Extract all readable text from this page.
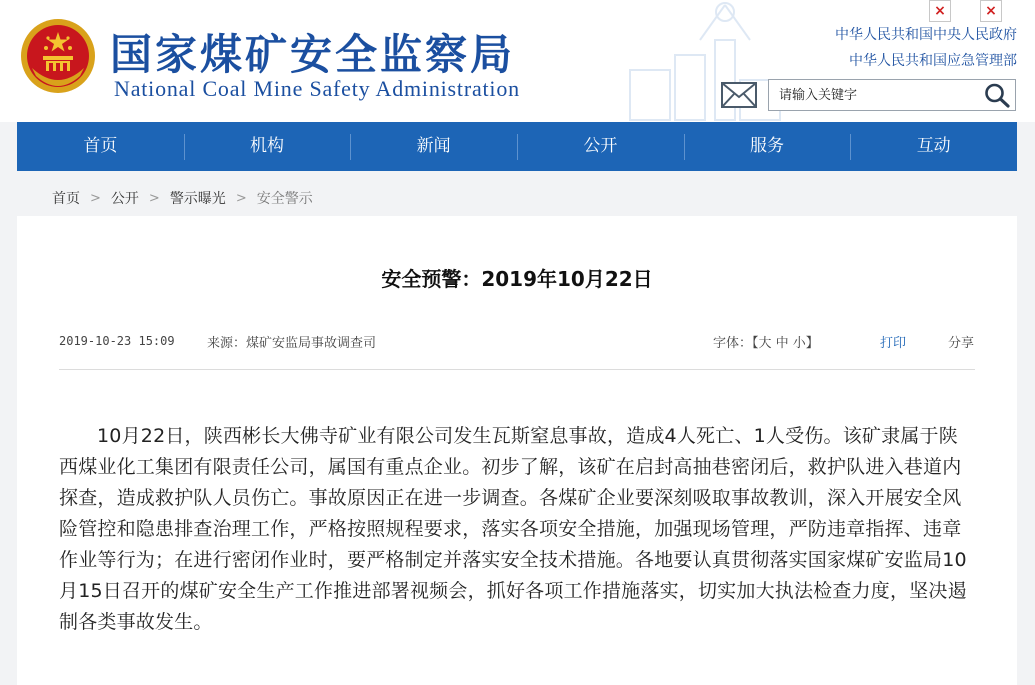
国家煤矿安全监察局
National Coal Mine Safety Administration
×	×
中华人民共和国中央人民政府
中华人民共和国应急管理部
请输入关键字
首页	机构	新闻	公开	服务	互动
首页 > 公开 > 警示曝光 > 安全警示
安全预警：2019年10月22日
2019-10-23 15:09 来源：煤矿安监局事故调查司	字体：【大 中 小】	打印	分享

10月22日，陕西彬长大佛寺矿业有限公司发生瓦斯窒息事故，造成4人死亡、1人受伤。该矿隶属于陕西煤业化工集团有限责任公司，属国有重点企业。初步了解，该矿在启封高抽巷密闭后，救护队进入巷道内探查，造成救护队人员伤亡。事故原因正在进一步调查。各煤矿企业要深刻吸取事故教训，深入开展安全风险管控和隐患排查治理工作，严格按照规程要求，落实各项安全措施，加强现场管理，严防违章指挥、违章作业等行为；在进行密闭作业时，要严格制定并落实安全技术措施。各地要认真贯彻落实国家煤矿安监局10月15日召开的煤矿安全生产工作推进部署视频会，抓好各项工作措施落实，切实加大执法检查力度，坚决遏制各类事故发生。
